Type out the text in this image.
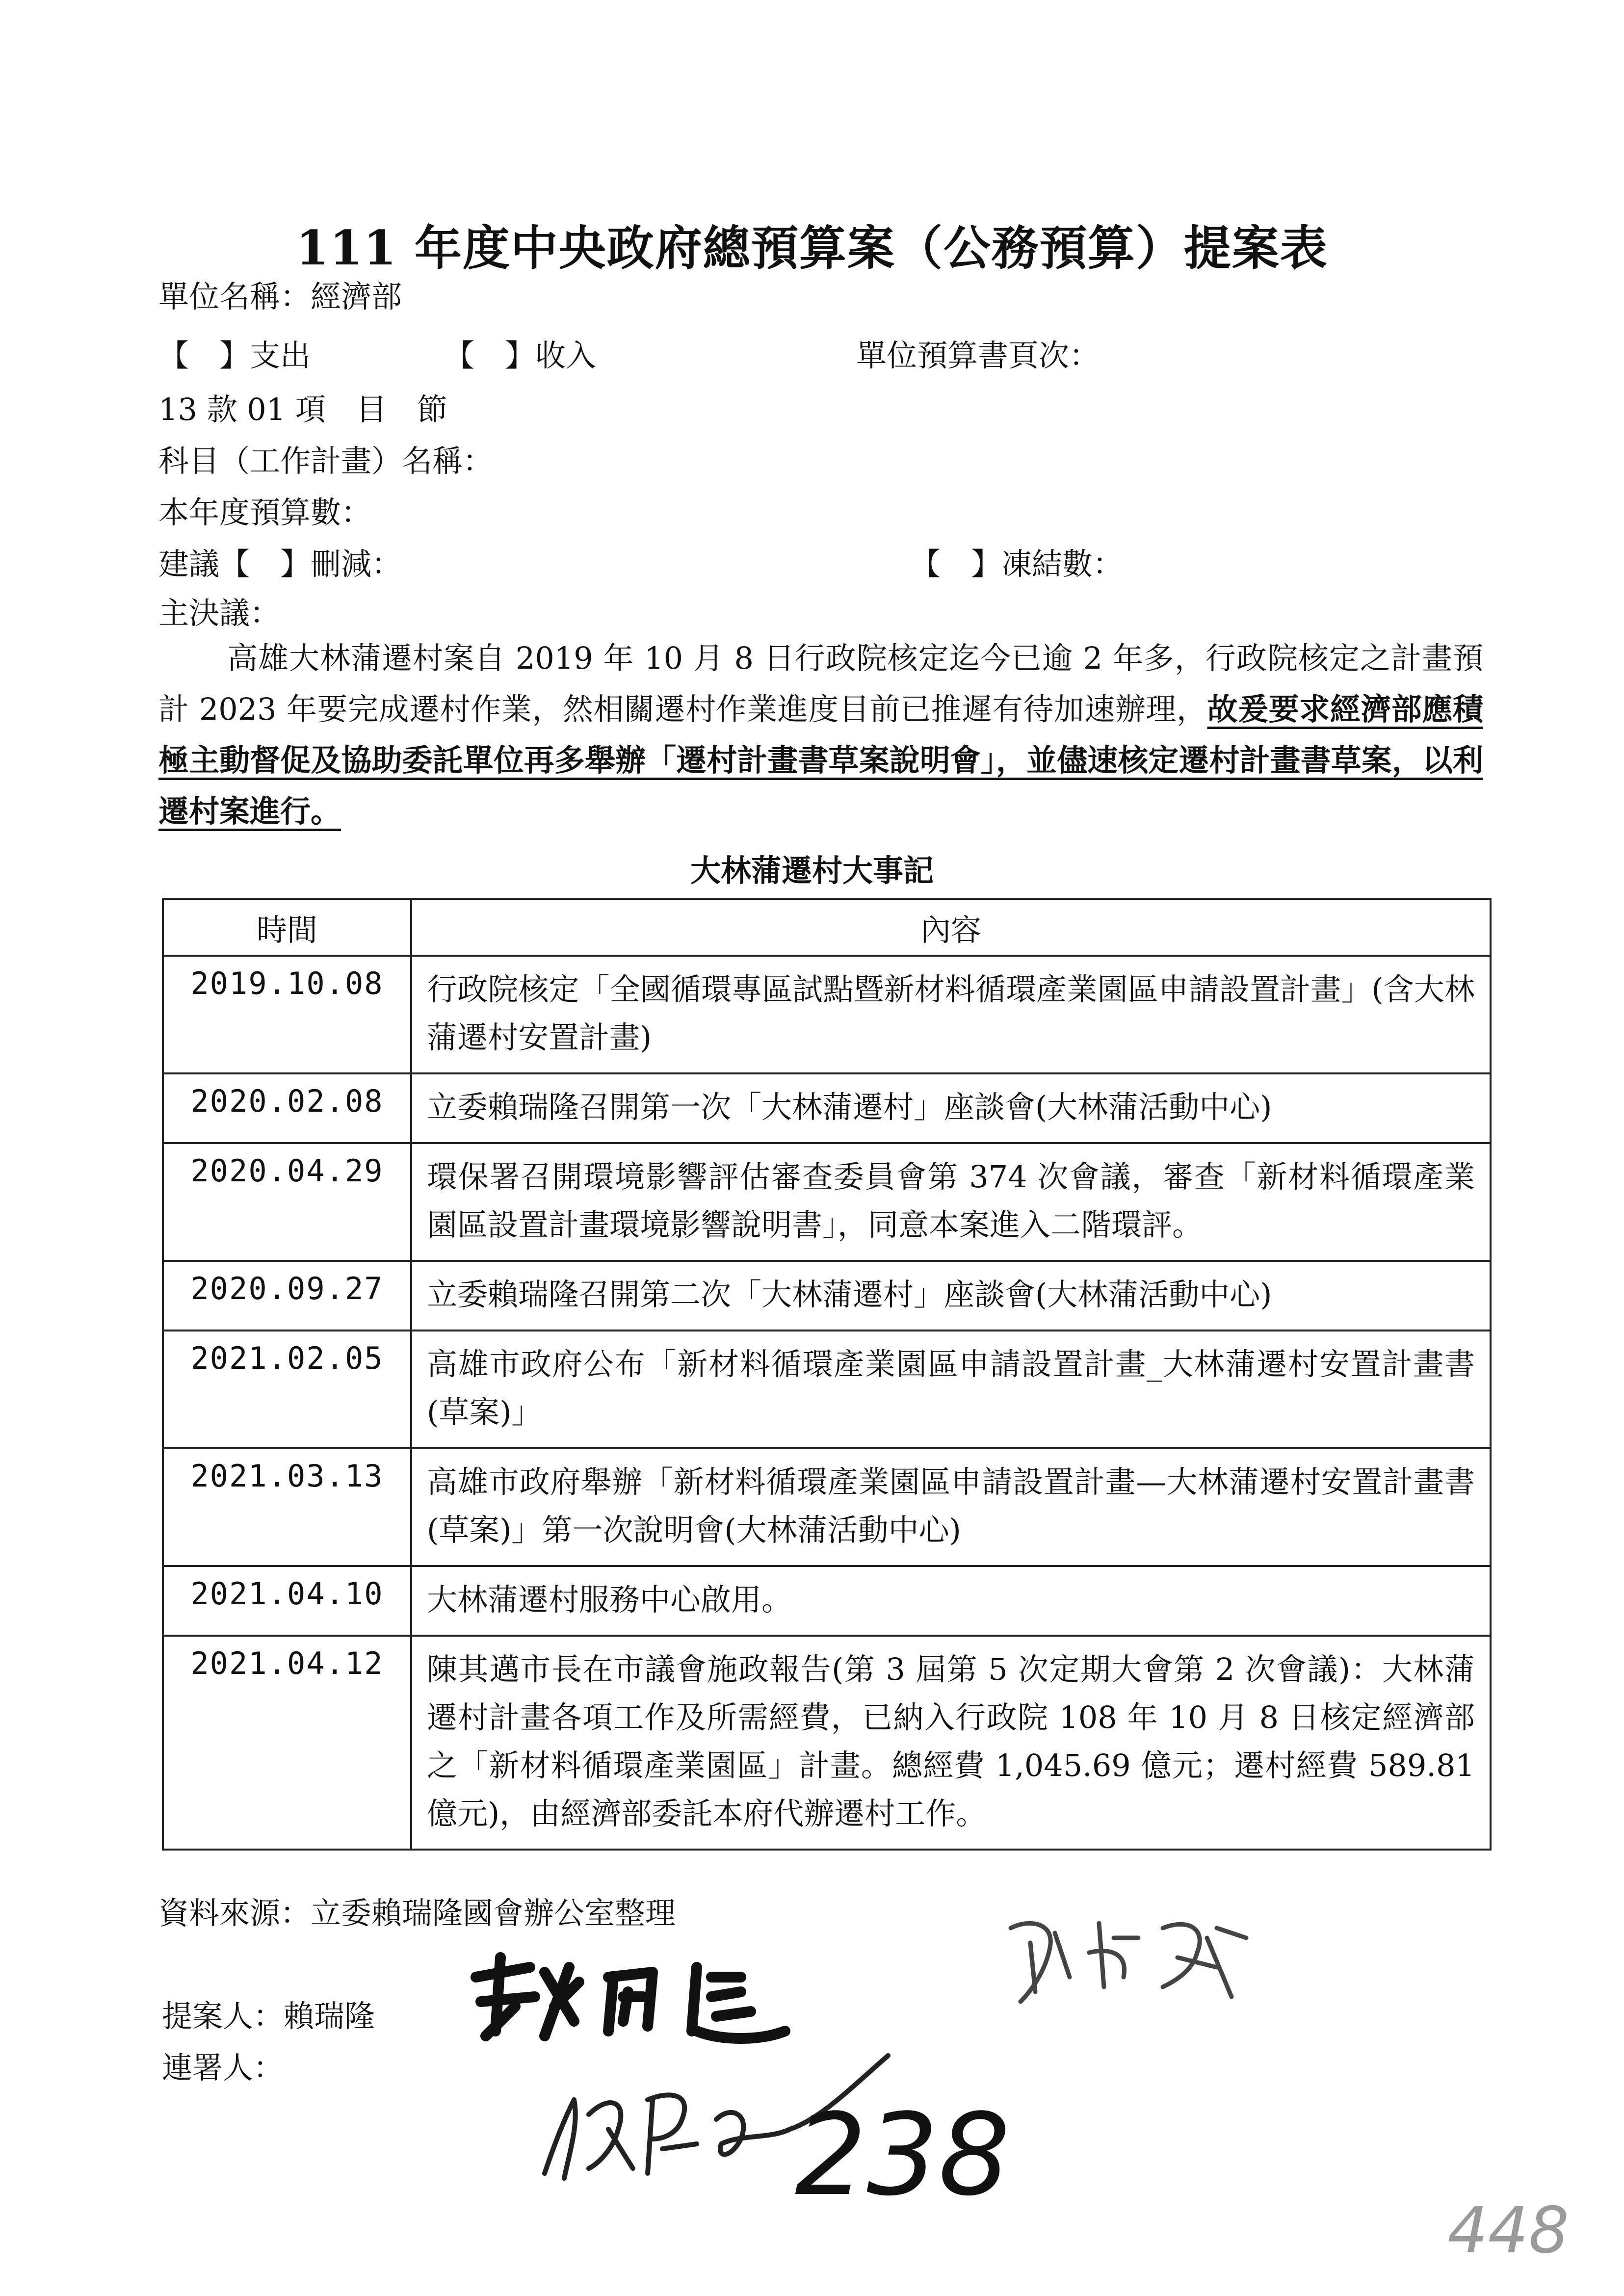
111 年度中央政府總預算案（公務預算）提案表
單位名稱：經濟部
【　】支出	【　】收入	單位預算書頁次：
13 款 01 項　目　節
科目（工作計畫）名稱：
本年度預算數：
建議【　】刪減：	【　】凍結數：
主決議：
高雄大林蒲遷村案自 2019 年 10 月 8 日行政院核定迄今已逾 2 年多，行政院核定之計畫預計 2023 年要完成遷村作業，然相關遷村作業進度目前已推遲有待加速辦理，故爰要求經濟部應積極主動督促及協助委託單位再多舉辦「遷村計畫書草案說明會」，並儘速核定遷村計畫書草案，以利遷村案進行。
大林蒲遷村大事記
時間	內容
2019.10.08	行政院核定「全國循環專區試點暨新材料循環產業園區申請設置計畫」(含大林蒲遷村安置計畫)
2020.02.08	立委賴瑞隆召開第一次「大林蒲遷村」座談會(大林蒲活動中心)
2020.04.29	環保署召開環境影響評估審查委員會第 374 次會議，審查「新材料循環產業園區設置計畫環境影響說明書」，同意本案進入二階環評。
2020.09.27	立委賴瑞隆召開第二次「大林蒲遷村」座談會(大林蒲活動中心)
2021.02.05	高雄市政府公布「新材料循環產業園區申請設置計畫_大林蒲遷村安置計畫書(草案)」
2021.03.13	高雄市政府舉辦「新材料循環產業園區申請設置計畫—大林蒲遷村安置計畫書(草案)」第一次說明會(大林蒲活動中心)
2021.04.10	大林蒲遷村服務中心啟用。
2021.04.12	陳其邁市長在市議會施政報告(第 3 屆第 5 次定期大會第 2 次會議)：大林蒲遷村計畫各項工作及所需經費，已納入行政院 108 年 10 月 8 日核定經濟部之「新材料循環產業園區」計畫。總經費 1,045.69 億元；遷村經費 589.81 億元)，由經濟部委託本府代辦遷村工作。
資料來源：立委賴瑞隆國會辦公室整理
提案人：賴瑞隆
連署人：
238
448
